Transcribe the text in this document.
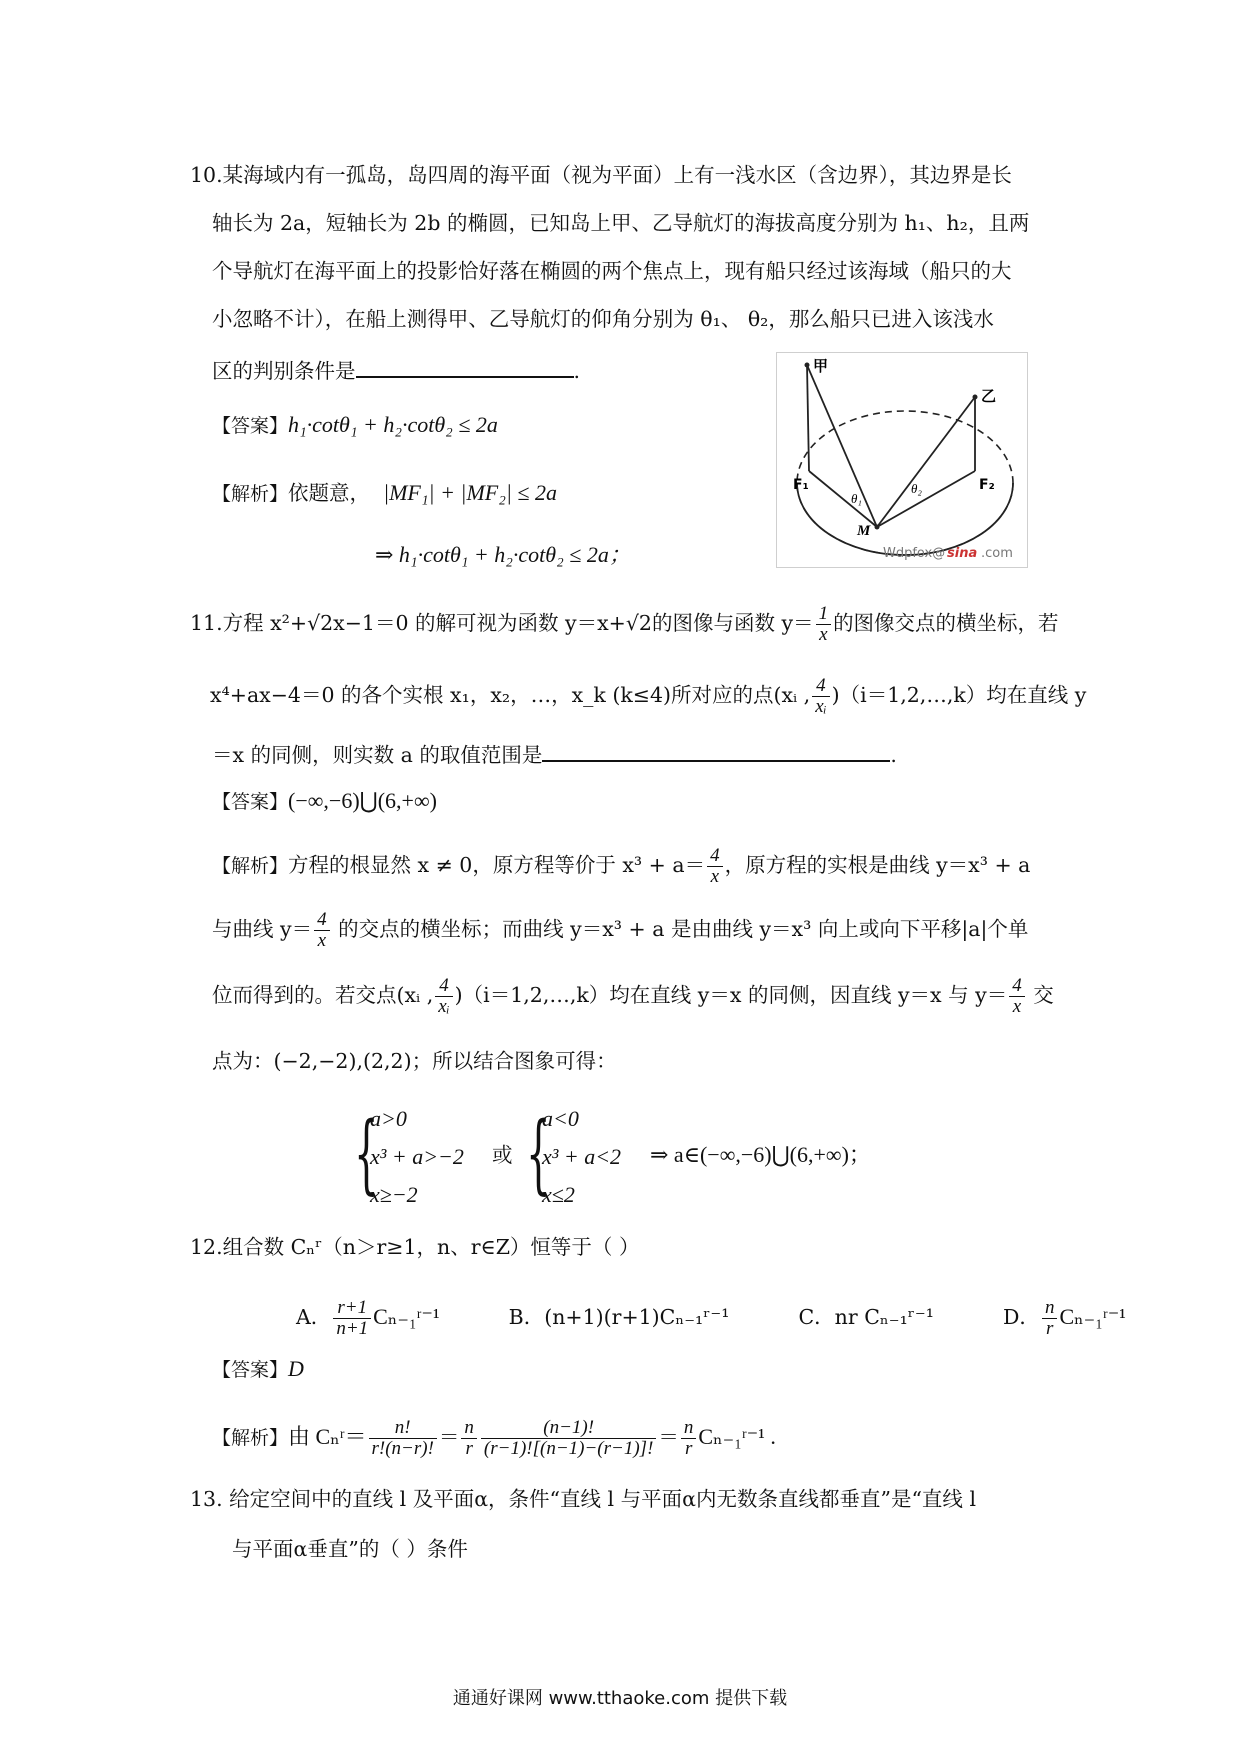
10.某海域内有一孤岛，岛四周的海平面（视为平面）上有一浅水区（含边界），其边界是长
轴长为 2a，短轴长为 2b 的椭圆，已知岛上甲、乙导航灯的海拔高度分别为 h₁、h₂，且两
个导航灯在海平面上的投影恰好落在椭圆的两个焦点上，现有船只经过该海域（船只的大
小忽略不计），在船上测得甲、乙导航灯的仰角分别为 θ₁、 θ₂，那么船只已进入该浅水
区的判别条件是	.
【答案】h₁·cotθ₁ + h₂·cotθ₂ ≤ 2a
【解析】依题意， |MF₁| + |MF₂| ≤ 2a
⇒ h₁·cotθ₁ + h₂·cotθ₂ ≤ 2a；
甲
乙
F₁	F₂
θ₁
θ₂
M
Wdpfox@ sina .com
11.方程 x²+√2x−1＝0 的解可视为函数 y＝x+√2的图像与函数 $y= \frac{1}{x}$ 的图像交点的横坐标，若
x⁴+ax−4＝0 的各个实根 x₁，x₂，…，x_k (k≤4)所对应的点(xᵢ , $\frac{4}{\text{xᵢ}}$ )（i＝1,2,…,k）均在直线 y
＝x 的同侧，则实数 a 的取值范围是	.
【答案】(−∞,−6)⋃(6,+∞)
【解析】方程的根显然 x ≠ 0，原方程等价于 $x^3 + a= \frac{4}{x}$ ，原方程的实根是曲线 y＝x³ + a
与曲线 $y= \frac{4}{x}$ 的交点的横坐标；而曲线 y＝x³ + a 是由曲线 y＝x³ 向上或向下平移|a|个单
位而得到的。若交点(xᵢ , $\frac{4}{\text{xᵢ}}$ )（i＝1,2,…,k）均在直线 y＝x 的同侧，因直线 y＝x 与 $y= \frac{4}{x}$ 交
点为：(−2,−2),(2,2)；所以结合图象可得：
{
a>0
x³ + a>−2
x≥−2
或 {
a<0
x³ + a<2
x≤2
⇒ a∈(−∞,−6)⋃(6,+∞)；
12.组合数 Cₙʳ（n＞r≥1，n、r∈Z）恒等于（ ）
A． $\frac{r+1}{n+1}$ Cₙ₋₁ʳ⁻¹	B．(n+1)(r+1)Cₙ₋₁ʳ⁻¹	C．nr Cₙ₋₁ʳ⁻¹	D． $\frac{n}{r}$ Cₙ₋₁ʳ⁻¹
【答案】D
【解析】由 Cₙʳ＝ $\frac{n!}{r!(n-r)!} = \frac{n}{r} \frac{(n-1)!}{(r-1)![(n-1)-(r-1)]!} = \frac{n}{r}$ Cₙ₋₁ʳ⁻¹ .
13. 给定空间中的直线 l 及平面α，条件“直线 l 与平面α内无数条直线都垂直”是“直线 l
与平面α垂直”的（ ）条件
通通好课网 www.tthaoke.com 提供下载
